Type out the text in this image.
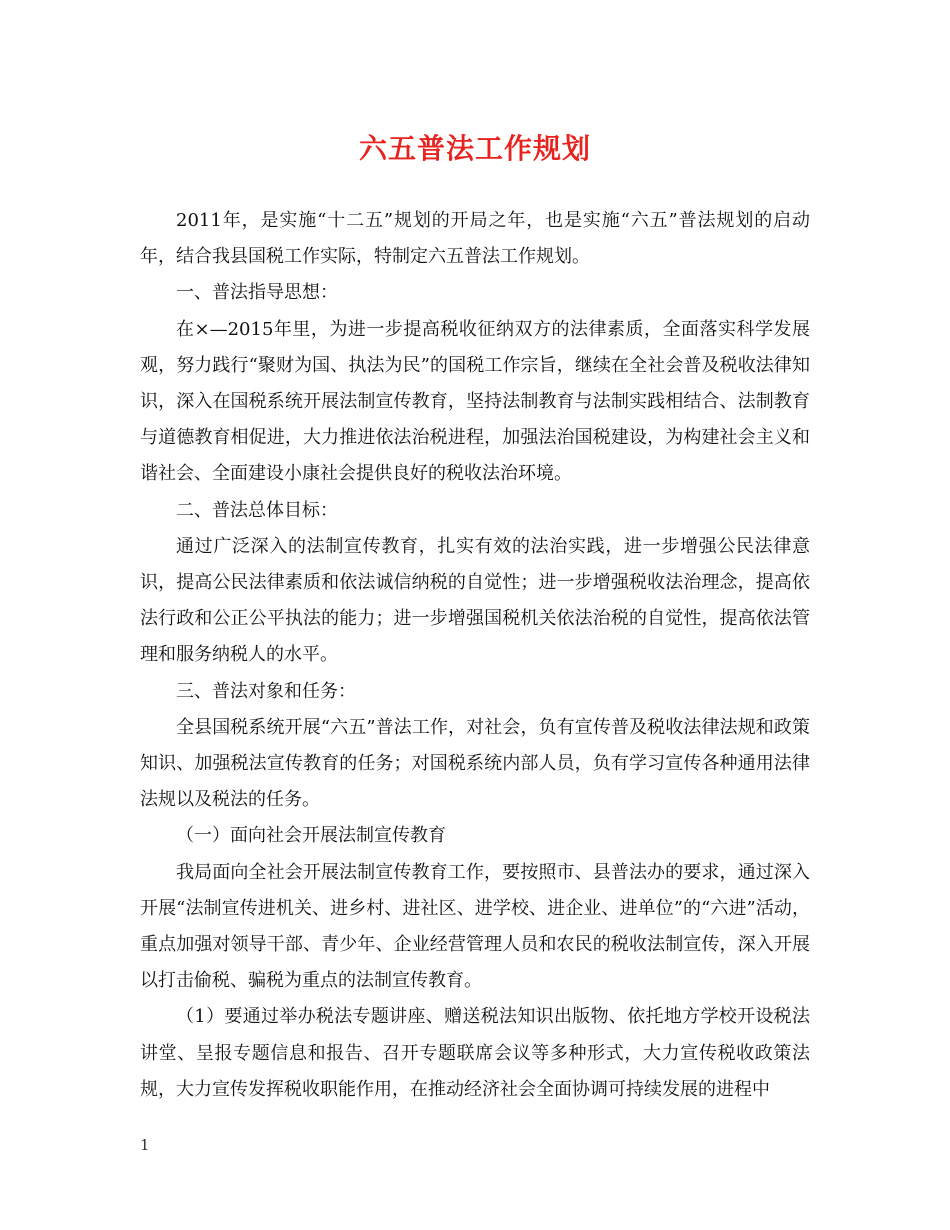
六五普法工作规划

2011年，是实施“十二五”规划的开局之年，也是实施“六五”普法规划的启动年，结合我县国税工作实际，特制定六五普法工作规划。

一、普法指导思想：

在×—2015年里，为进一步提高税收征纳双方的法律素质，全面落实科学发展观，努力践行“聚财为国、执法为民”的国税工作宗旨，继续在全社会普及税收法律知识，深入在国税系统开展法制宣传教育，坚持法制教育与法制实践相结合、法制教育与道德教育相促进，大力推进依法治税进程，加强法治国税建设，为构建社会主义和谐社会、全面建设小康社会提供良好的税收法治环境。

二、普法总体目标：

通过广泛深入的法制宣传教育，扎实有效的法治实践，进一步增强公民法律意识，提高公民法律素质和依法诚信纳税的自觉性；进一步增强税收法治理念，提高依法行政和公正公平执法的能力；进一步增强国税机关依法治税的自觉性，提高依法管理和服务纳税人的水平。

三、普法对象和任务：

全县国税系统开展“六五”普法工作，对社会，负有宣传普及税收法律法规和政策知识、加强税法宣传教育的任务；对国税系统内部人员，负有学习宣传各种通用法律法规以及税法的任务。

（一）面向社会开展法制宣传教育

我局面向全社会开展法制宣传教育工作，要按照市、县普法办的要求，通过深入开展“法制宣传进机关、进乡村、进社区、进学校、进企业、进单位”的“六进”活动，重点加强对领导干部、青少年、企业经营管理人员和农民的税收法制宣传，深入开展以打击偷税、骗税为重点的法制宣传教育。

（1）要通过举办税法专题讲座、赠送税法知识出版物、依托地方学校开设税法讲堂、呈报专题信息和报告、召开专题联席会议等多种形式，大力宣传税收政策法规，大力宣传发挥税收职能作用，在推动经济社会全面协调可持续发展的进程中

1
